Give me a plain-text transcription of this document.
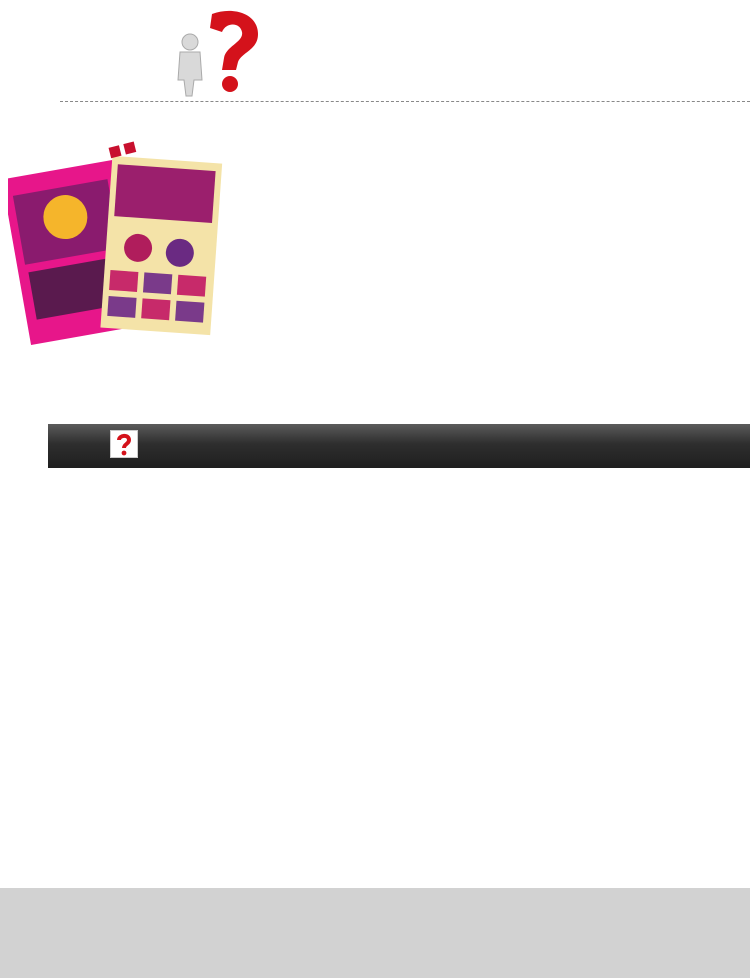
■■
